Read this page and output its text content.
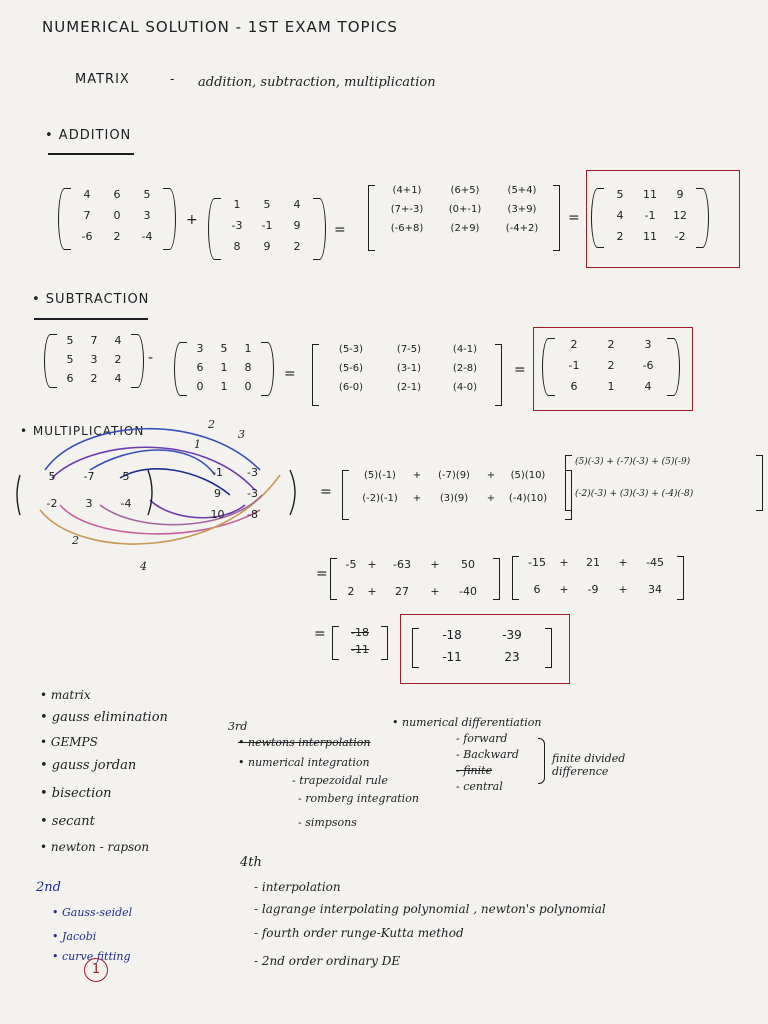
NUMERICAL SOLUTION - 1ST EXAM TOPICS
MATRIX	- addition, subtraction, multiplication
• ADDITION
4	6	5
7	0	3
-6	2	-4
+
1	5	4
-3	-1	9
8	9	2
=
(4+1)	(6+5)	(5+4)
(7+-3)	(0+-1)	(3+9)
(-6+8)	(2+9)	(-4+2)
=
5	11	9
4	-1	12
2	11	-2
• SUBTRACTION
5	7	4
5	3	2
6	2	4
-
3	5	1
6	1	8
0	1	0
=
(5-3)	(7-5)	(4-1)
(5-6)	(3-1)	(2-8)
(6-0)	(2-1)	(4-0)
=
2	2	3
-1	2	-6
6	1	4
• MULTIPLICATION
5	-7	5
-2	3	-4
-1	-3
9	-3
10	-8
1
2
3
2
4
=
(5)(-1)	+	(-7)(9)	+	(5)(10)
(-2)(-1)	+	(3)(9)	+	(-4)(10)
(5)(-3) + (-7)(-3) + (5)(-9)
(-2)(-3) + (3)(-3) + (-4)(-8)
=
-5 +	-63	+	50
2	+	27	+	-40
-15	+	21	+	-45
6	+	-9	+	34
=	-18
-11
-18	-39
-11	23
• matrix
• gauss elimination
• GEMPS
• gauss jordan
• bisection
• secant
• newton - rapson
3rd
• newtons interpolation
• numerical integration
- trapezoidal rule
- romberg integration
- simpsons
• numerical differentiation
- forward
- Backward
- finite
- central
finite divided difference
2nd
• Gauss-seidel
• Jacobi
• curve fitting
1
4th
- interpolation
- lagrange interpolating polynomial , newton's polynomial
- fourth order runge-Kutta method
- 2nd order ordinary DE
